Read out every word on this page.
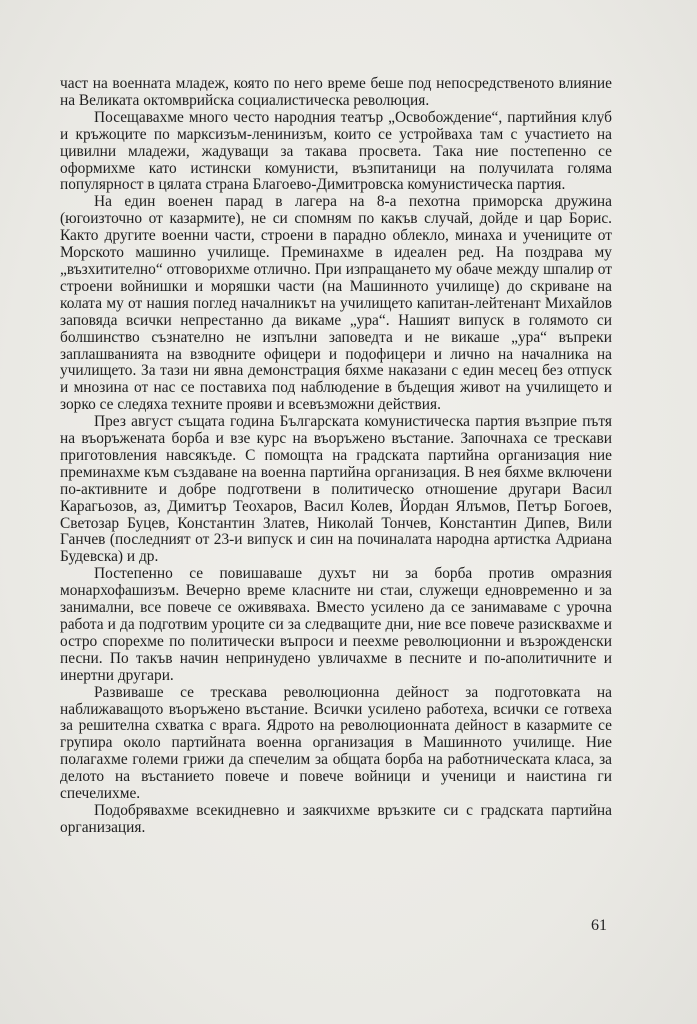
част на военната младеж, която по него време беше под непосредственото влияние на Великата октомврийска социалистическа революция.

Посещавахме много често народния театър „Освобождение“, партийния клуб и кръжоците по марксизъм-ленинизъм, които се устройваха там с участието на цивилни младежи, жадуващи за такава просвета. Така ние постепенно се оформихме като истински комунисти, възпитаници на получилата голяма популярност в цялата страна Благоево-Димитровска комунистическа партия.

На един военен парад в лагера на 8-а пехотна приморска дружина (югоизточно от казармите), не си спомням по какъв случай, дойде и цар Борис. Както другите военни части, строени в парадно облекло, минаха и учениците от Морското машинно училище. Преминахме в идеален ред. На поздрава му „възхитително“ отговорихме отлично. При изпращането му обаче между шпалир от строени войнишки и моряшки части (на Машинното училище) до скриване на колата му от нашия поглед началникът на училището капитан-лейтенант Михайлов заповяда всички непрестанно да викаме „ура“. Нашият випуск в голямото си болшинство съзнателно не изпълни заповедта и не викаше „ура“ въпреки заплашванията на взводните офицери и подофицери и лично на началника на училището. За тази ни явна демонстрация бяхме наказани с един месец без отпуск и мнозина от нас се поставиха под наблюдение в бъдещия живот на училището и зорко се следяха техните прояви и всевъзможни действия.

През август същата година Българската комунистическа партия възприе пътя на въоръжената борба и взе курс на въоръжено въстание. Започнаха се трескави приготовления навсякъде. С помощта на градската партийна организация ние преминахме към създаване на военна партийна организация. В нея бяхме включени по-активните и добре подготвени в политическо отношение другари Васил Карагьозов, аз, Димитър Теохаров, Васил Колев, Йордан Ялъмов, Петър Богоев, Светозар Буцев, Константин Златев, Николай Тончев, Константин Дипев, Вили Ганчев (последният от 23-и випуск и син на починалата народна артистка Адриана Будевска) и др.

Постепенно се повишаваше духът ни за борба против омразния монархофашизъм. Вечерно време класните ни стаи, служещи едновременно и за занимални, все повече се оживяваха. Вместо усилено да се занимаваме с урочна работа и да подготвим уроците си за следващите дни, ние все повече разисквахме и остро спорехме по политически въпроси и пеехме революционни и възрожденски песни. По такъв начин непринудено увличахме в песните и по-аполитичните и инертни другари.

Развиваше се трескава революционна дейност за подготовката на наближаващото въоръжено въстание. Всички усилено работеха, всички се готвеха за решителна схватка с врага. Ядрото на революционната дейност в казармите се групира около партийната военна организация в Машинното училище. Ние полагахме големи грижи да спечелим за общата борба на работническата класа, за делото на въстанието повече и повече войници и ученици и наистина ги спечелихме.

Подобрявахме всекидневно и заякчихме връзките си с градската партийна организация.

61
